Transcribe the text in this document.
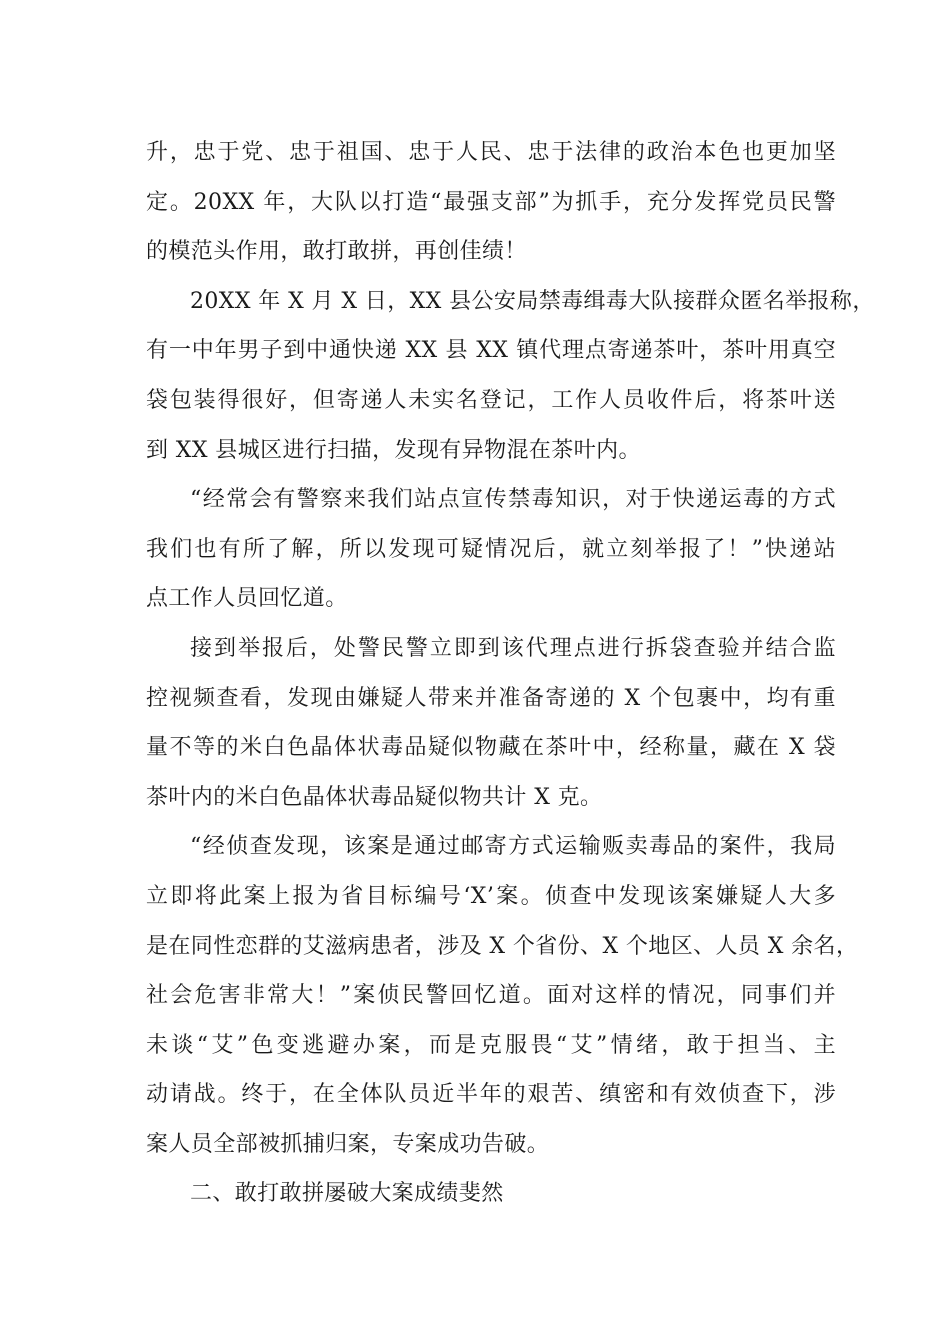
升，忠于党、忠于祖国、忠于人民、忠于法律的政治本色也更加坚
定。20XX 年，大队以打造“最强支部”为抓手，充分发挥党员民警
的模范头作用，敢打敢拼，再创佳绩！

20XX 年 X 月 X 日，XX 县公安局禁毒缉毒大队接群众匿名举报称，
有一中年男子到中通快递 XX 县 XX 镇代理点寄递茶叶，茶叶用真空
袋包装得很好，但寄递人未实名登记，工作人员收件后，将茶叶送
到 XX 县城区进行扫描，发现有异物混在茶叶内。

“经常会有警察来我们站点宣传禁毒知识，对于快递运毒的方式
我们也有所了解，所以发现可疑情况后，就立刻举报了！”快递站
点工作人员回忆道。

接到举报后，处警民警立即到该代理点进行拆袋查验并结合监
控视频查看，发现由嫌疑人带来并准备寄递的 X 个包裹中，均有重
量不等的米白色晶体状毒品疑似物藏在茶叶中，经称量，藏在 X 袋
茶叶内的米白色晶体状毒品疑似物共计 X 克。

“经侦查发现，该案是通过邮寄方式运输贩卖毒品的案件，我局
立即将此案上报为省目标编号‘X’案。侦查中发现该案嫌疑人大多
是在同性恋群的艾滋病患者，涉及 X 个省份、X 个地区、人员 X 余名，
社会危害非常大！”案侦民警回忆道。面对这样的情况，同事们并
未谈“艾”色变逃避办案，而是克服畏“艾”情绪，敢于担当、主
动请战。终于，在全体队员近半年的艰苦、缜密和有效侦查下，涉
案人员全部被抓捕归案，专案成功告破。

二、敢打敢拼屡破大案成绩斐然
